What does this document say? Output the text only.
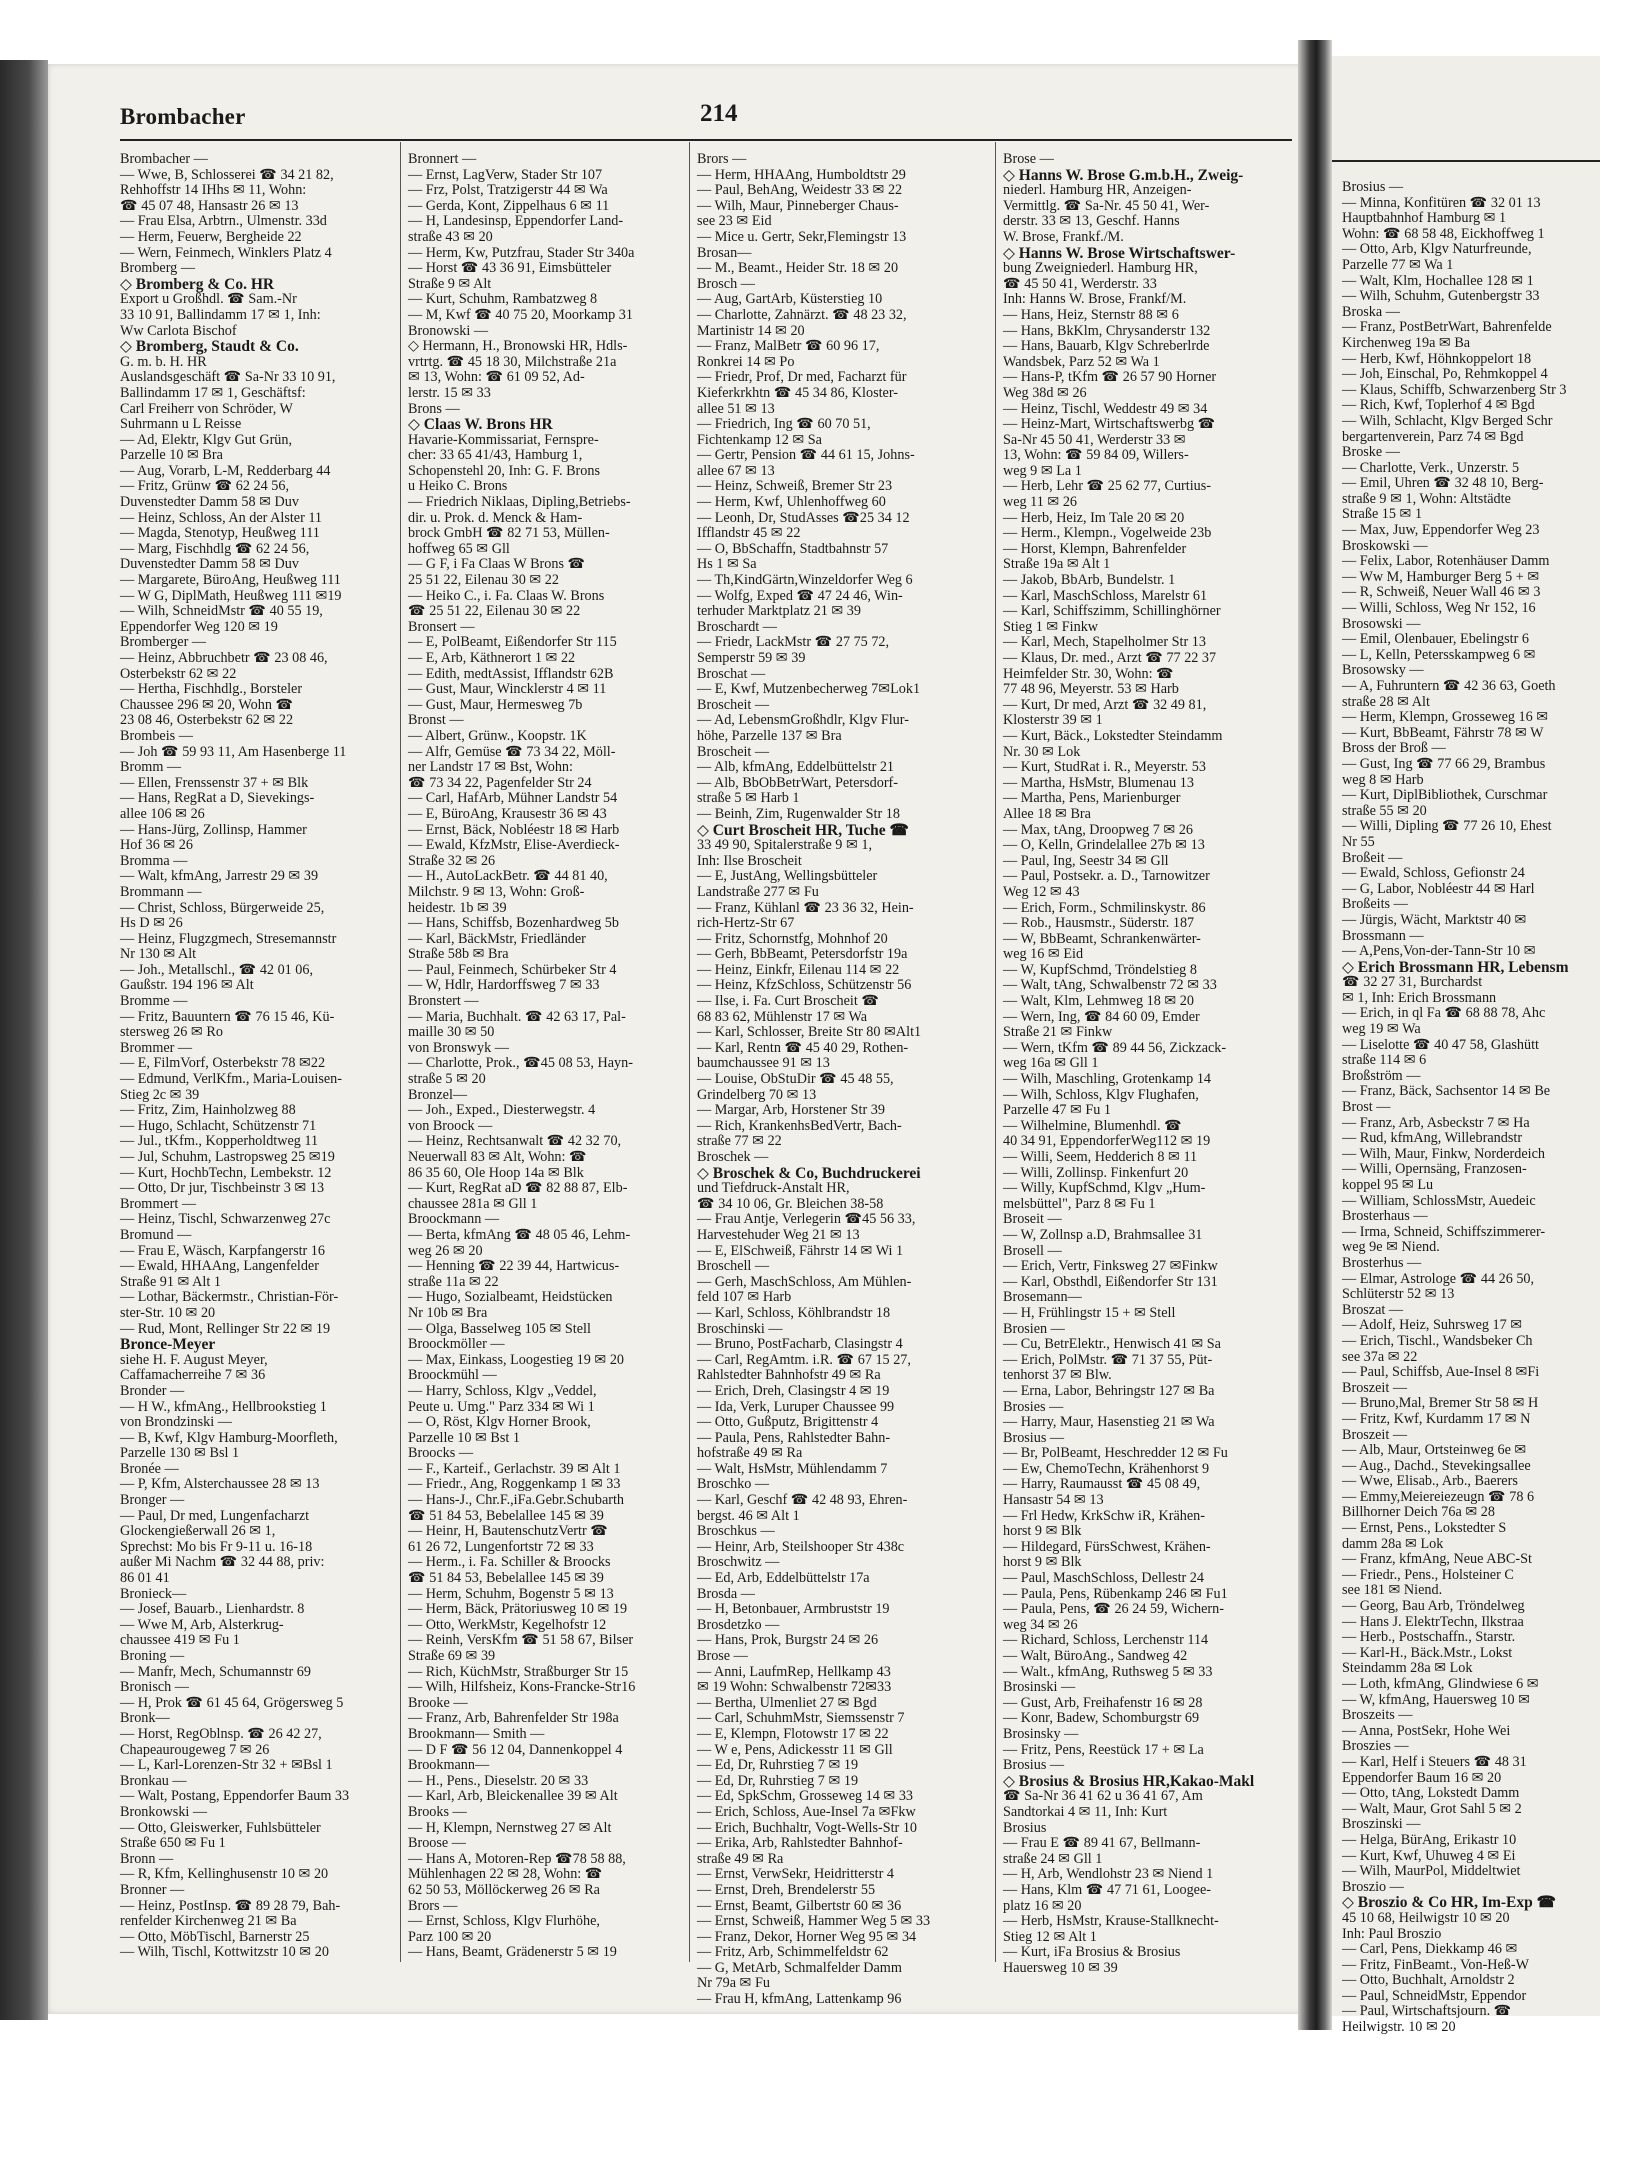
Brosius —
— Minna, Konfitüren ☎ 32 01 13
Hauptbahnhof Hamburg ✉ 1
Wohn: ☎ 68 58 48, Eickhoffweg 1
— Otto, Arb, Klgv Naturfreunde,
Parzelle 77 ✉ Wa 1
— Walt, Klm, Hochallee 128 ✉ 1
— Wilh, Schuhm, Gutenbergstr 33
Broska —
— Franz, PostBetrWart, Bahrenfelde
Kirchenweg 19a ✉ Ba
— Herb, Kwf, Höhnkoppelort 18
— Joh, Einschal, Po, Rehmkoppel 4
— Klaus, Schiffb, Schwarzenberg Str 3
— Rich, Kwf, Toplerhof 4 ✉ Bgd
— Wilh, Schlacht, Klgv Berged Schr
bergartenverein, Parz 74 ✉ Bgd
Broske —
— Charlotte, Verk., Unzerstr. 5
— Emil, Uhren ☎ 32 48 10, Berg-
straße 9 ✉ 1, Wohn: Altstädte
Straße 15 ✉ 1
— Max, Juw, Eppendorfer Weg 23
Broskowski —
— Felix, Labor, Rotenhäuser Damm
— Ww M, Hamburger Berg 5 + ✉
— R, Schweiß, Neuer Wall 46 ✉ 3
— Willi, Schloss, Weg Nr 152, 16
Brosowski —
— Emil, Olenbauer, Ebelingstr 6
— L, Kelln, Petersskampweg 6 ✉
Brosowsky —
— A, Fuhruntern ☎ 42 36 63, Goeth
straße 28 ✉ Alt
— Herm, Klempn, Grosseweg 16 ✉
— Kurt, BbBeamt, Fährstr 78 ✉ W
Bross der Broß —
— Gust, Ing ☎ 77 66 29, Brambus
weg 8 ✉ Harb
— Kurt, DiplBibliothek, Curschmar
straße 55 ✉ 20
— Willi, Dipling ☎ 77 26 10, Ehest
Nr 55
Broßeit —
— Ewald, Schloss, Gefionstr 24
— G, Labor, Nobléestr 44 ✉ Harl
Broßeits —
— Jürgis, Wächt, Marktstr 40 ✉
Brossmann —
— A,Pens,Von-der-Tann-Str 10 ✉
◇ Erich Brossmann HR, Lebensm
☎ 32 27 31, Burchardst
✉ 1, Inh: Erich Brossmann
— Erich, in ql Fa ☎ 68 88 78, Ahc
weg 19 ✉ Wa
— Liselotte ☎ 40 47 58, Glashütt
straße 114 ✉ 6
Broßström —
— Franz, Bäck, Sachsentor 14 ✉ Be
Brost —
— Franz, Arb, Asbeckstr 7 ✉ Ha
— Rud, kfmAng, Willebrandstr
— Wilh, Maur, Finkw, Norderdeich
— Willi, Opernsäng, Franzosen-
koppel 95 ✉ Lu
— William, SchlossMstr, Auedeic
Brosterhaus —
— Irma, Schneid, Schiffszimmerer-
weg 9e ✉ Niend.
Brosterhus —
— Elmar, Astrologe ☎ 44 26 50,
Schlüterstr 52 ✉ 13
Broszat —
— Adolf, Heiz, Suhrsweg 17 ✉
— Erich, Tischl., Wandsbeker Ch
see 37a ✉ 22
— Paul, Schiffsb, Aue-Insel 8 ✉Fi
Broszeit —
— Bruno,Mal, Bremer Str 58 ✉ H
— Fritz, Kwf, Kurdamm 17 ✉ N
Broszeit —
— Alb, Maur, Ortsteinweg 6e ✉
— Aug., Dachd., Stevekingsallee
— Wwe, Elisab., Arb., Baerers
— Emmy,Meiereiezeugn ☎ 78 6
Billhorner Deich 76a ✉ 28
— Ernst, Pens., Lokstedter S
damm 28a ✉ Lok
— Franz, kfmAng, Neue ABC-St
— Friedr., Pens., Holsteiner C
see 181 ✉ Niend.
— Georg, Bau Arb, Tröndelweg
— Hans J. ElektrTechn, Ilkstraa
— Herb., Postschaffn., Starstr.
— Karl-H., Bäck.Mstr., Lokst
Steindamm 28a ✉ Lok
— Loth, kfmAng, Glindwiese 6 ✉
— W, kfmAng, Hauersweg 10 ✉
Broszeits —
— Anna, PostSekr, Hohe Wei
Broszies —
— Karl, Helf i Steuers ☎ 48 31
Eppendorfer Baum 16 ✉ 20
— Otto, tAng, Lokstedt Damm
— Walt, Maur, Grot Sahl 5 ✉ 2
Broszinski —
— Helga, BürAng, Erikastr 10
— Kurt, Kwf, Uhuweg 4 ✉ Ei
— Wilh, MaurPol, Middeltwiet
Broszio —
◇ Broszio & Co HR, Im-Exp ☎
45 10 68, Heilwigstr 10 ✉ 20
Inh: Paul Broszio
— Carl, Pens, Diekkamp 46 ✉
— Fritz, FinBeamt., Von-Heß-W
— Otto, Buchhalt, Arnoldstr 2
— Paul, SchneidMstr, Eppendor
— Paul, Wirtschaftsjourn. ☎
Heilwigstr. 10 ✉ 20
Brombacher	214
Brombacher —
— Wwe, B, Schlosserei ☎ 34 21 82,
Rehhoffstr 14 IHhs ✉ 11, Wohn:
☎ 45 07 48, Hansastr 26 ✉ 13
— Frau Elsa, Arbtrn., Ulmenstr. 33d
— Herm, Feuerw, Bergheide 22
— Wern, Feinmech, Winklers Platz 4
Bromberg —
◇ Bromberg & Co. HR
Export u Großhdl. ☎ Sam.-Nr
33 10 91, Ballindamm 17 ✉ 1, Inh:
Ww Carlota Bischof
◇ Bromberg, Staudt & Co.
G. m. b. H. HR
Auslandsgeschäft ☎ Sa-Nr 33 10 91,
Ballindamm 17 ✉ 1, Geschäftsf:
Carl Freiherr von Schröder, W
Suhrmann u L Reisse
— Ad, Elektr, Klgv Gut Grün,
Parzelle 10 ✉ Bra
— Aug, Vorarb, L-M, Redderbarg 44
— Fritz, Grünw ☎ 62 24 56,
Duvenstedter Damm 58 ✉ Duv
— Heinz, Schloss, An der Alster 11
— Magda, Stenotyp, Heußweg 111
— Marg, Fischhdlg ☎ 62 24 56,
Duvenstedter Damm 58 ✉ Duv
— Margarete, BüroAng, Heußweg 111
— W G, DiplMath, Heußweg 111 ✉19
— Wilh, SchneidMstr ☎ 40 55 19,
Eppendorfer Weg 120 ✉ 19
Bromberger —
— Heinz, Abbruchbetr ☎ 23 08 46,
Osterbekstr 62 ✉ 22
— Hertha, Fischhdlg., Borsteler
Chaussee 296 ✉ 20, Wohn ☎
23 08 46, Osterbekstr 62 ✉ 22
Brombeis —
— Joh ☎ 59 93 11, Am Hasenberge 11
Bromm —
— Ellen, Frenssenstr 37 + ✉ Blk
— Hans, RegRat a D, Sievekings-
allee 106 ✉ 26
— Hans-Jürg, Zollinsp, Hammer
Hof 36 ✉ 26
Bromma —
— Walt, kfmAng, Jarrestr 29 ✉ 39
Brommann —
— Christ, Schloss, Bürgerweide 25,
Hs D ✉ 26
— Heinz, Flugzgmech, Stresemannstr
Nr 130 ✉ Alt
— Joh., Metallschl., ☎ 42 01 06,
Gaußstr. 194 196 ✉ Alt
Bromme —
— Fritz, Bauuntern ☎ 76 15 46, Kü-
stersweg 26 ✉ Ro
Brommer —
— E, FilmVorf, Osterbekstr 78 ✉22
— Edmund, VerlKfm., Maria-Louisen-
Stieg 2c ✉ 39
— Fritz, Zim, Hainholzweg 88
— Hugo, Schlacht, Schützenstr 71
— Jul., tKfm., Kopperholdtweg 11
— Jul, Schuhm, Lastropsweg 25 ✉19
— Kurt, HochbTechn, Lembekstr. 12
— Otto, Dr jur, Tischbeinstr 3 ✉ 13
Brommert —
— Heinz, Tischl, Schwarzenweg 27c
Bromund —
— Frau E, Wäsch, Karpfangerstr 16
— Ewald, HHAAng, Langenfelder
Straße 91 ✉ Alt 1
— Lothar, Bäckermstr., Christian-För-
ster-Str. 10 ✉ 20
— Rud, Mont, Rellinger Str 22 ✉ 19
Bronce-Meyer
siehe H. F. August Meyer,
Caffamacherreihe 7 ✉ 36
Bronder —
— H W., kfmAng., Hellbrookstieg 1
von Brondzinski —
— B, Kwf, Klgv Hamburg-Moorfleth,
Parzelle 130 ✉ Bsl 1
Bronée —
— P, Kfm, Alsterchaussee 28 ✉ 13
Bronger —
— Paul, Dr med, Lungenfacharzt
Glockengießerwall 26 ✉ 1,
Sprechst: Mo bis Fr 9-11 u. 16-18
außer Mi Nachm ☎ 32 44 88, priv:
86 01 41
Bronieck—
— Josef, Bauarb., Lienhardstr. 8
— Wwe M, Arb, Alsterkrug-
chaussee 419 ✉ Fu 1
Broning —
— Manfr, Mech, Schumannstr 69
Bronisch —
— H, Prok ☎ 61 45 64, Grögersweg 5
Bronk—
— Horst, RegOblnsp. ☎ 26 42 27,
Chapeaurougeweg 7 ✉ 26
— L, Karl-Lorenzen-Str 32 + ✉Bsl 1
Bronkau —
— Walt, Postang, Eppendorfer Baum 33
Bronkowski —
— Otto, Gleiswerker, Fuhlsbütteler
Straße 650 ✉ Fu 1
Bronn —
— R, Kfm, Kellinghusenstr 10 ✉ 20
Bronner —
— Heinz, PostInsp. ☎ 89 28 79, Bah-
renfelder Kirchenweg 21 ✉ Ba
— Otto, MöbTischl, Barnerstr 25
— Wilh, Tischl, Kottwitzstr 10 ✉ 20
Bronnert —
— Ernst, LagVerw, Stader Str 107
— Frz, Polst, Tratzigerstr 44 ✉ Wa
— Gerda, Kont, Zippelhaus 6 ✉ 11
— H, Landesinsp, Eppendorfer Land-
straße 43 ✉ 20
— Herm, Kw, Putzfrau, Stader Str 340a
— Horst ☎ 43 36 91, Eimsbütteler
Straße 9 ✉ Alt
— Kurt, Schuhm, Rambatzweg 8
— M, Kwf ☎ 40 75 20, Moorkamp 31
Bronowski —
◇ Hermann, H., Bronowski HR, Hdls-
vrtrtg. ☎ 45 18 30, Milchstraße 21a
✉ 13, Wohn: ☎ 61 09 52, Ad-
lerstr. 15 ✉ 33
Brons —
◇ Claas W. Brons HR
Havarie-Kommissariat, Fernspre-
cher: 33 65 41/43, Hamburg 1,
Schopenstehl 20, Inh: G. F. Brons
u Heiko C. Brons
— Friedrich Niklaas, Dipling,Betriebs-
dir. u. Prok. d. Menck & Ham-
brock GmbH ☎ 82 71 53, Müllen-
hoffweg 65 ✉ Gll
— G F, i Fa Claas W Brons ☎
25 51 22, Eilenau 30 ✉ 22
— Heiko C., i. Fa. Claas W. Brons
☎ 25 51 22, Eilenau 30 ✉ 22
Bronsert —
— E, PolBeamt, Eißendorfer Str 115
— E, Arb, Käthnerort 1 ✉ 22
— Edith, medtAssist, Ifflandstr 62B
— Gust, Maur, Wincklerstr 4 ✉ 11
— Gust, Maur, Hermesweg 7b
Bronst —
— Albert, Grünw., Koopstr. 1K
— Alfr, Gemüse ☎ 73 34 22, Möll-
ner Landstr 17 ✉ Bst, Wohn:
☎ 73 34 22, Pagenfelder Str 24
— Carl, HafArb, Mühner Landstr 54
— E, BüroAng, Krausestr 36 ✉ 43
— Ernst, Bäck, Nobléestr 18 ✉ Harb
— Ewald, KfzMstr, Elise-Averdieck-
Straße 32 ✉ 26
— H., AutoLackBetr. ☎ 44 81 40,
Milchstr. 9 ✉ 13, Wohn: Groß-
heidestr. 1b ✉ 39
— Hans, Schiffsb, Bozenhardweg 5b
— Karl, BäckMstr, Friedländer
Straße 58b ✉ Bra
— Paul, Feinmech, Schürbeker Str 4
— W, Hdlr, Hardorffsweg 7 ✉ 33
Bronstert —
— Maria, Buchhalt. ☎ 42 63 17, Pal-
maille 30 ✉ 50
von Bronswyk —
— Charlotte, Prok., ☎45 08 53, Hayn-
straße 5 ✉ 20
Bronzel—
— Joh., Exped., Diesterwegstr. 4
von Broock —
— Heinz, Rechtsanwalt ☎ 42 32 70,
Neuerwall 83 ✉ Alt, Wohn: ☎
86 35 60, Ole Hoop 14a ✉ Blk
— Kurt, RegRat aD ☎ 82 88 87, Elb-
chaussee 281a ✉ Gll 1
Broockmann —
— Berta, kfmAng ☎ 48 05 46, Lehm-
weg 26 ✉ 20
— Henning ☎ 22 39 44, Hartwicus-
straße 11a ✉ 22
— Hugo, Sozialbeamt, Heidstücken
Nr 10b ✉ Bra
— Olga, Basselweg 105 ✉ Stell
Broockmöller —
— Max, Einkass, Loogestieg 19 ✉ 20
Broockmühl —
— Harry, Schloss, Klgv „Veddel,
Peute u. Umg." Parz 334 ✉ Wi 1
— O, Röst, Klgv Horner Brook,
Parzelle 10 ✉ Bst 1
Broocks —
— F., Karteif., Gerlachstr. 39 ✉ Alt 1
— Friedr., Ang, Roggenkamp 1 ✉ 33
— Hans-J., Chr.F.,iFa.Gebr.Schubarth
☎ 51 84 53, Bebelallee 145 ✉ 39
— Heinr, H, BautenschutzVertr ☎
61 26 72, Lungenfortstr 72 ✉ 33
— Herm., i. Fa. Schiller & Broocks
☎ 51 84 53, Bebelallee 145 ✉ 39
— Herm, Schuhm, Bogenstr 5 ✉ 13
— Herm, Bäck, Prätoriusweg 10 ✉ 19
— Otto, WerkMstr, Kegelhofstr 12
— Reinh, VersKfm ☎ 51 58 67, Bilser
Straße 69 ✉ 39
— Rich, KüchMstr, Straßburger Str 15
— Wilh, Hilfsheiz, Kons-Francke-Str16
Brooke —
— Franz, Arb, Bahrenfelder Str 198a
Brookmann— Smith —
— D F ☎ 56 12 04, Dannenkoppel 4
Brookmann—
— H., Pens., Dieselstr. 20 ✉ 33
— Karl, Arb, Bleickenallee 39 ✉ Alt
Brooks —
— H, Klempn, Nernstweg 27 ✉ Alt
Broose —
— Hans A, Motoren-Rep ☎78 58 88,
Mühlenhagen 22 ✉ 28, Wohn: ☎
62 50 53, Möllöckerweg 26 ✉ Ra
Brors —
— Ernst, Schloss, Klgv Flurhöhe,
Parz 100 ✉ 20
— Hans, Beamt, Grädenerstr 5 ✉ 19
Brors —
— Herm, HHAAng, Humboldtstr 29
— Paul, BehAng, Weidestr 33 ✉ 22
— Wilh, Maur, Pinneberger Chaus-
see 23 ✉ Eid
— Mice u. Gertr, Sekr,Flemingstr 13
Brosan—
— M., Beamt., Heider Str. 18 ✉ 20
Brosch —
— Aug, GartArb, Küsterstieg 10
— Charlotte, Zahnärzt. ☎ 48 23 32,
Martinistr 14 ✉ 20
— Franz, MalBetr ☎ 60 96 17,
Ronkrei 14 ✉ Po
— Friedr, Prof, Dr med, Facharzt für
Kieferkrkhtn ☎ 45 34 86, Kloster-
allee 51 ✉ 13
— Friedrich, Ing ☎ 60 70 51,
Fichtenkamp 12 ✉ Sa
— Gertr, Pension ☎ 44 61 15, Johns-
allee 67 ✉ 13
— Heinz, Schweiß, Bremer Str 23
— Herm, Kwf, Uhlenhoffweg 60
— Leonh, Dr, StudAsses ☎25 34 12
Ifflandstr 45 ✉ 22
— O, BbSchaffn, Stadtbahnstr 57
Hs 1 ✉ Sa
— Th,KindGärtn,Winzeldorfer Weg 6
— Wolfg, Exped ☎ 47 24 46, Win-
terhuder Marktplatz 21 ✉ 39
Broschardt —
— Friedr, LackMstr ☎ 27 75 72,
Semperstr 59 ✉ 39
Broschat —
— E, Kwf, Mutzenbecherweg 7✉Lok1
Broscheit —
— Ad, LebensmGroßhdlr, Klgv Flur-
höhe, Parzelle 137 ✉ Bra
Broscheit —
— Alb, kfmAng, Eddelbüttelstr 21
— Alb, BbObBetrWart, Petersdorf-
straße 5 ✉ Harb 1
— Beinh, Zim, Rugenwalder Str 18
◇ Curt Broscheit HR, Tuche ☎
33 49 90, Spitalerstraße 9 ✉ 1,
Inh: Ilse Broscheit
— E, JustAng, Wellingsbütteler
Landstraße 277 ✉ Fu
— Franz, Kühlanl ☎ 23 36 32, Hein-
rich-Hertz-Str 67
— Fritz, Schornstfg, Mohnhof 20
— Gerh, BbBeamt, Petersdorfstr 19a
— Heinz, Einkfr, Eilenau 114 ✉ 22
— Heinz, KfzSchloss, Schützenstr 56
— Ilse, i. Fa. Curt Broscheit ☎
68 83 62, Mühlenstr 17 ✉ Wa
— Karl, Schlosser, Breite Str 80 ✉Alt1
— Karl, Rentn ☎ 45 40 29, Rothen-
baumchaussee 91 ✉ 13
— Louise, ObStuDir ☎ 45 48 55,
Grindelberg 70 ✉ 13
— Margar, Arb, Horstener Str 39
— Rich, KrankenhsBedVertr, Bach-
straße 77 ✉ 22
Broschek —
◇ Broschek & Co, Buchdruckerei
und Tiefdruck-Anstalt HR,
☎ 34 10 06, Gr. Bleichen 38-58
— Frau Antje, Verlegerin ☎45 56 33,
Harvestehuder Weg 21 ✉ 13
— E, ElSchweiß, Fährstr 14 ✉ Wi 1
Broschell —
— Gerh, MaschSchloss, Am Mühlen-
feld 107 ✉ Harb
— Karl, Schloss, Köhlbrandstr 18
Broschinski —
— Bruno, PostFacharb, Clasingstr 4
— Carl, RegAmtm. i.R. ☎ 67 15 27,
Rahlstedter Bahnhofstr 49 ✉ Ra
— Erich, Dreh, Clasingstr 4 ✉ 19
— Ida, Verk, Luruper Chaussee 99
— Otto, Gußputz, Brigittenstr 4
— Paula, Pens, Rahlstedter Bahn-
hofstraße 49 ✉ Ra
— Walt, HsMstr, Mühlendamm 7
Broschko —
— Karl, Geschf ☎ 42 48 93, Ehren-
bergst. 46 ✉ Alt 1
Broschkus —
— Heinr, Arb, Steilshooper Str 438c
Broschwitz —
— Ed, Arb, Eddelbüttelstr 17a
Brosda —
— H, Betonbauer, Armbruststr 19
Brosdetzko —
— Hans, Prok, Burgstr 24 ✉ 26
Brose —
— Anni, LaufmRep, Hellkamp 43
✉ 19 Wohn: Schwalbenstr 72✉33
— Bertha, Ulmenliet 27 ✉ Bgd
— Carl, SchuhmMstr, Siemssenstr 7
— E, Klempn, Flotowstr 17 ✉ 22
— W e, Pens, Adickesstr 11 ✉ Gll
— Ed, Dr, Ruhrstieg 7 ✉ 19
— Ed, Dr, Ruhrstieg 7 ✉ 19
— Ed, SpkSchm, Grosseweg 14 ✉ 33
— Erich, Schloss, Aue-Insel 7a ✉Fkw
— Erich, Buchhaltr, Vogt-Wells-Str 10
— Erika, Arb, Rahlstedter Bahnhof-
straße 49 ✉ Ra
— Ernst, VerwSekr, Heidritterstr 4
— Ernst, Dreh, Brendelerstr 55
— Ernst, Beamt, Gilbertstr 60 ✉ 36
— Ernst, Schweiß, Hammer Weg 5 ✉ 33
— Franz, Dekor, Horner Weg 95 ✉ 34
— Fritz, Arb, Schimmelfeldstr 62
— G, MetArb, Schmalfelder Damm
Nr 79a ✉ Fu
— Frau H, kfmAng, Lattenkamp 96
Brose —
◇ Hanns W. Brose G.m.b.H., Zweig-
niederl. Hamburg HR, Anzeigen-
Vermittlg. ☎ Sa-Nr. 45 50 41, Wer-
derstr. 33 ✉ 13, Geschf. Hanns
W. Brose, Frankf./M.
◇ Hanns W. Brose Wirtschaftswer-
bung Zweigniederl. Hamburg HR,
☎ 45 50 41, Werderstr. 33
Inh: Hanns W. Brose, Frankf/M.
— Hans, Heiz, Sternstr 88 ✉ 6
— Hans, BkKlm, Chrysanderstr 132
— Hans, Bauarb, Klgv Schreberlrde
Wandsbek, Parz 52 ✉ Wa 1
— Hans-P, tKfm ☎ 26 57 90 Horner
Weg 38d ✉ 26
— Heinz, Tischl, Weddestr 49 ✉ 34
— Heinz-Mart, Wirtschaftswerbg ☎
Sa-Nr 45 50 41, Werderstr 33 ✉
13, Wohn: ☎ 59 84 09, Willers-
weg 9 ✉ La 1
— Herb, Lehr ☎ 25 62 77, Curtius-
weg 11 ✉ 26
— Herb, Heiz, Im Tale 20 ✉ 20
— Herm., Klempn., Vogelweide 23b
— Horst, Klempn, Bahrenfelder
Straße 19a ✉ Alt 1
— Jakob, BbArb, Bundelstr. 1
— Karl, MaschSchloss, Marelstr 61
— Karl, Schiffszimm, Schillinghörner
Stieg 1 ✉ Finkw
— Karl, Mech, Stapelholmer Str 13
— Klaus, Dr. med., Arzt ☎ 77 22 37
Heimfelder Str. 30, Wohn: ☎
77 48 96, Meyerstr. 53 ✉ Harb
— Kurt, Dr med, Arzt ☎ 32 49 81,
Klosterstr 39 ✉ 1
— Kurt, Bäck., Lokstedter Steindamm
Nr. 30 ✉ Lok
— Kurt, StudRat i. R., Meyerstr. 53
— Martha, HsMstr, Blumenau 13
— Martha, Pens, Marienburger
Allee 18 ✉ Bra
— Max, tAng, Droopweg 7 ✉ 26
— O, Kelln, Grindelallee 27b ✉ 13
— Paul, Ing, Seestr 34 ✉ Gll
— Paul, Postsekr. a. D., Tarnowitzer
Weg 12 ✉ 43
— Erich, Form., Schmilinskystr. 86
— Rob., Hausmstr., Süderstr. 187
— W, BbBeamt, Schrankenwärter-
weg 16 ✉ Eid
— W, KupfSchmd, Tröndelstieg 8
— Walt, tAng, Schwalbenstr 72 ✉ 33
— Walt, Klm, Lehmweg 18 ✉ 20
— Wern, Ing, ☎ 84 60 09, Emder
Straße 21 ✉ Finkw
— Wern, tKfm ☎ 89 44 56, Zickzack-
weg 16a ✉ Gll 1
— Wilh, Maschling, Grotenkamp 14
— Wilh, Schloss, Klgv Flughafen,
Parzelle 47 ✉ Fu 1
— Wilhelmine, Blumenhdl. ☎
40 34 91, EppendorferWeg112 ✉ 19
— Willi, Seem, Hedderich 8 ✉ 11
— Willi, Zollinsp. Finkenfurt 20
— Willy, KupfSchmd, Klgv „Hum-
melsbüttel", Parz 8 ✉ Fu 1
Broseit —
— W, Zollnsp a.D, Brahmsallee 31
Brosell —
— Erich, Vertr, Finksweg 27 ✉Finkw
— Karl, Obsthdl, Eißendorfer Str 131
Brosemann—
— H, Frühlingstr 15 + ✉ Stell
Brosien —
— Cu, BetrElektr., Henwisch 41 ✉ Sa
— Erich, PolMstr. ☎ 71 37 55, Püt-
tenhorst 37 ✉ Blw.
— Erna, Labor, Behringstr 127 ✉ Ba
Brosies —
— Harry, Maur, Hasenstieg 21 ✉ Wa
Brosius —
— Br, PolBeamt, Heschredder 12 ✉ Fu
— Ew, ChemoTechn, Krähenhorst 9
— Harry, Raumausst ☎ 45 08 49,
Hansastr 54 ✉ 13
— Frl Hedw, KrkSchw iR, Krähen-
horst 9 ✉ Blk
— Hildegard, FürsSchwest, Krähen-
horst 9 ✉ Blk
— Paul, MaschSchloss, Dellestr 24
— Paula, Pens, Rübenkamp 246 ✉ Fu1
— Paula, Pens, ☎ 26 24 59, Wichern-
weg 34 ✉ 26
— Richard, Schloss, Lerchenstr 114
— Walt, BüroAng., Sandweg 42
— Walt., kfmAng, Ruthsweg 5 ✉ 33
Brosinski —
— Gust, Arb, Freihafenstr 16 ✉ 28
— Konr, Badew, Schomburgstr 69
Brosinsky —
— Fritz, Pens, Reestück 17 + ✉ La
Brosius —
◇ Brosius & Brosius HR,Kakao-Makl
☎ Sa-Nr 36 41 62 u 36 41 67, Am
Sandtorkai 4 ✉ 11, Inh: Kurt
Brosius
— Frau E ☎ 89 41 67, Bellmann-
straße 24 ✉ Gll 1
— H, Arb, Wendlohstr 23 ✉ Niend 1
— Hans, Klm ☎ 47 71 61, Loogeе-
platz 16 ✉ 20
— Herb, HsMstr, Krause-Stallknecht-
Stieg 12 ✉ Alt 1
— Kurt, iFa Brosius & Brosius
Hauersweg 10 ✉ 39
